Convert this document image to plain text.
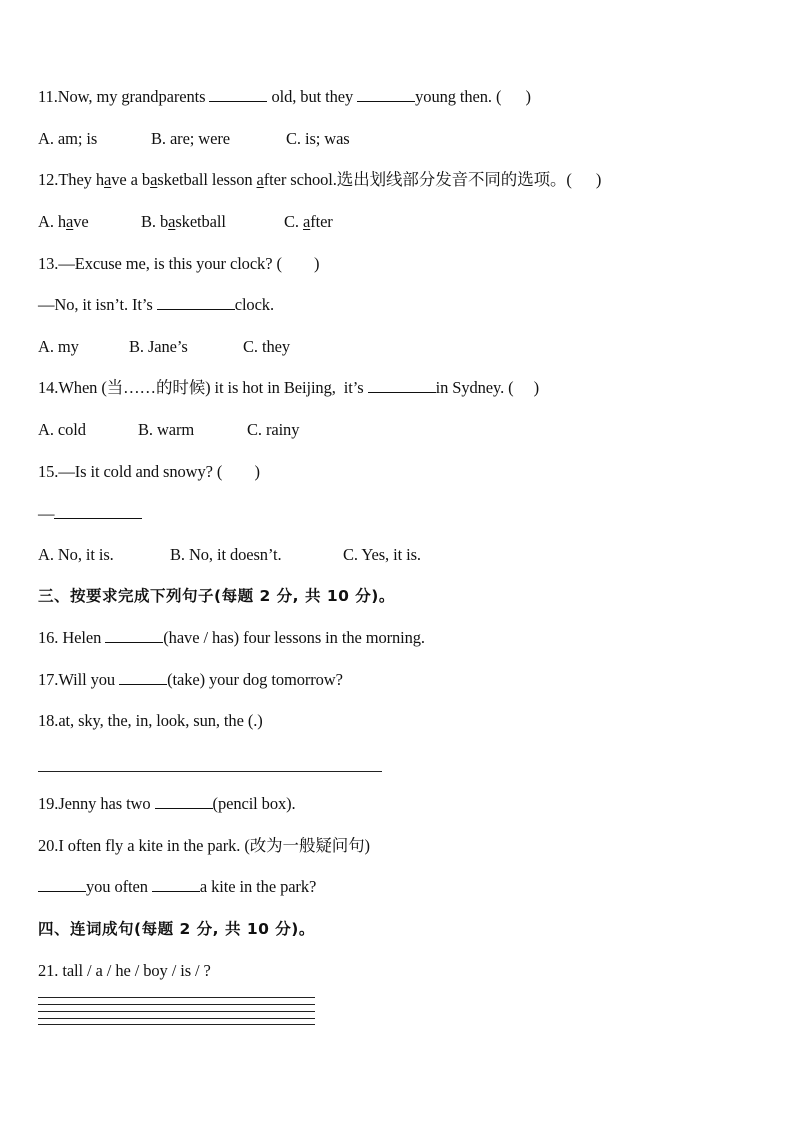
11.Now, my grandparents	old, but they	young then. (      )
A. am; is	B. are; were	C. is; was
12.They have a basketball lesson after school.选出划线部分发音不同的选项。(      )
A. have	B. basketball	C. after
13.—Excuse me, is this your clock? (        )
—No, it isn’t. It’s	clock.
A. my	B. Jane’s	C. they
14.When (当……的时候) it is hot in Beijing,  it’s	in Sydney. (     )
A. cold	B. warm	C. rainy
15.—Is it cold and snowy? (        )
—
A. No, it is.	B. No, it doesn’t.	C. Yes, it is.
三、按要求完成下列句子(每题 2 分, 共 10 分)。
16. Helen	(have / has) four lessons in the morning.
17.Will you	(take) your dog tomorrow?
18.at, sky, the, in, look, sun, the (.)
19.Jenny has two	(pencil box).
20.I often fly a kite in the park. (改为一般疑问句)
you often	a kite in the park?
四、连词成句(每题 2 分, 共 10 分)。
21. tall / a / he / boy / is / ?
